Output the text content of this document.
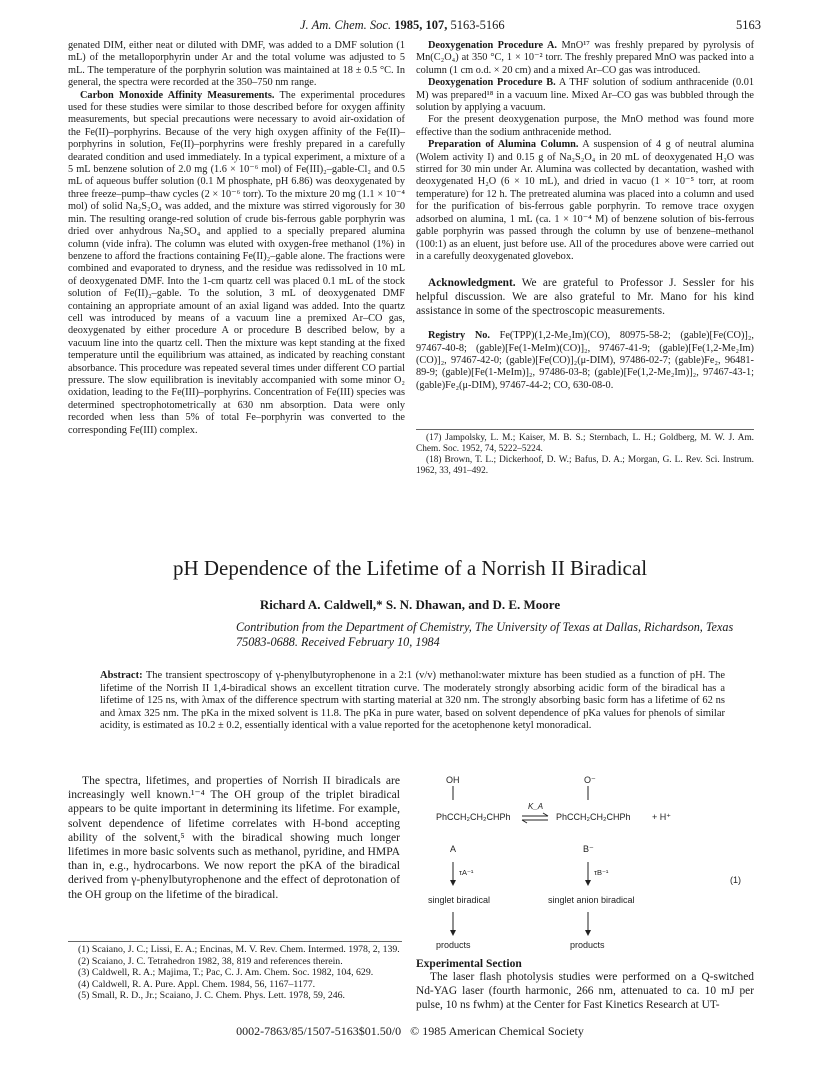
J. Am. Chem. Soc. 1985, 107, 5163-5166	5163

genated DIM, either neat or diluted with DMF, was added to a DMF solution (1 mL) of the metalloporphyrin under Ar and the total volume was adjusted to 5 mL. The temperature of the porphyrin solution was maintained at 18 ± 0.5 °C. In general, the spectra were recorded at the 350–750 nm range.

Carbon Monoxide Affinity Measurements. The experimental procedures used for these studies were similar to those described before for oxygen affinity measurements, but special precautions were necessary to avoid air-oxidation of the Fe(II)–porphyrins. Because of the very high oxygen affinity of the Fe(II)–porphyrins in solution, Fe(II)–porphyrins were freshly prepared in a carefully dearated condition and used immediately. In a typical experiment, a mixture of a 5 mL benzene solution of 2.0 mg (1.6 × 10⁻⁶ mol) of Fe(III)₂–gable-Cl₂ and 0.5 mL of aqueous buffer solution (0.1 M phosphate, pH 6.86) was deoxygenated by three freeze–pump–thaw cycles (2 × 10⁻⁶ torr). To the mixture 20 mg (1.1 × 10⁻⁴ mol) of solid Na₂S₂O₄ was added, and the mixture was stirred vigorously for 30 min. The resulting orange-red solution of crude bis-ferrous gable porphyrin was dried over anhydrous Na₂SO₄ and applied to a specially prepared alumina column (vide infra). The column was eluted with oxygen-free methanol (1%) in benzene to afford the fractions containing Fe(II)₂–gable alone. The fractions were combined and evaporated to dryness, and the residue was redissolved in 10 mL of deoxygenated DMF. Into the 1-cm quartz cell was placed 0.1 mL of the stock solution of Fe(II)₂–gable. To the solution, 3 mL of deoxygenated DMF containing an appropriate amount of an axial ligand was added. Into the quartz cell was introduced by means of a vacuum line a premixed Ar–CO gas, deoxygenated by either procedure A or procedure B described below, by a vacuum line into the quartz cell. Then the mixture was kept standing at the fixed temperature until the equilibrium was attained, as indicated by reaching constant absorbance. This procedure was repeated several times under different CO partial pressure. The slow equilibration is inevitably accompanied with some minor O₂ oxidation, leading to the Fe(III)–porphyrins. Concentration of Fe(III) species was determined spectrophotometrically at 630 nm absorption. Data were only recorded when less than 5% of total Fe–porphyrin was converted to the corresponding Fe(III) complex.

Deoxygenation Procedure A. MnO¹⁷ was freshly prepared by pyrolysis of Mn(C₂O₄) at 350 °C, 1 × 10⁻² torr. The freshly prepared MnO was packed into a column (1 cm o.d. × 20 cm) and a mixed Ar–CO gas was introduced.

Deoxygenation Procedure B. A THF solution of sodium anthracenide (0.01 M) was prepared¹⁸ in a vacuum line. Mixed Ar–CO gas was bubbled through the solution by applying a vacuum.

For the present deoxygenation purpose, the MnO method was found more effective than the sodium anthracenide method.

Preparation of Alumina Column. A suspension of 4 g of neutral alumina (Wolem activity I) and 0.15 g of Na₂S₂O₄ in 20 mL of deoxygenated H₂O was stirred for 30 min under Ar. Alumina was collected by decantation, washed with deoxygenated H₂O (6 × 10 mL), and dried in vacuo (1 × 10⁻⁵ torr, at room temperature) for 12 h. The pretreated alumina was placed into a column and used for the purification of bis-ferrous gable porphyrin. To remove trace oxygen adsorbed on alumina, 1 mL (ca. 1 × 10⁻⁴ M) of benzene solution of bis-ferrous gable porphyrin was passed through the column by use of benzene–methanol (100:1) as an eluent, just before use. All of the procedures above were carried out in a carefully deoxygenated glovebox.

Acknowledgment. We are grateful to Professor J. Sessler for his helpful discussion. We are also grateful to Mr. Mano for his kind assistance in some of the spectroscopic measurements.

Registry No. Fe(TPP)(1,2-Me₂Im)(CO), 80975-58-2; (gable)[Fe(CO)]₂, 97467-40-8; (gable)[Fe(1-MeIm)(CO)]₂, 97467-41-9; (gable)[Fe(1,2-Me₂Im)(CO)]₂, 97467-42-0; (gable)[Fe(CO)]₂(μ-DIM), 97486-02-7; (gable)Fe₂, 96481-89-9; (gable)[Fe(1-MeIm)]₂, 97486-03-8; (gable)[Fe(1,2-Me₂Im)]₂, 97467-43-1; (gable)Fe₂(μ-DIM), 97467-44-2; CO, 630-08-0.

(17) Jampolsky, L. M.; Kaiser, M. B. S.; Sternbach, L. H.; Goldberg, M. W. J. Am. Chem. Soc. 1952, 74, 5222–5224.

(18) Brown, T. L.; Dickerhoof, D. W.; Bafus, D. A.; Morgan, G. L. Rev. Sci. Instrum. 1962, 33, 491–492.

pH Dependence of the Lifetime of a Norrish II Biradical
Richard A. Caldwell,* S. N. Dhawan, and D. E. Moore
Contribution from the Department of Chemistry, The University of Texas at Dallas, Richardson, Texas 75083-0688. Received February 10, 1984
Abstract: The transient spectroscopy of γ-phenylbutyrophenone in a 2:1 (v/v) methanol:water mixture has been studied as a function of pH. The lifetime of the Norrish II 1,4-biradical shows an excellent titration curve. The moderately strongly absorbing acidic form of the biradical has a lifetime of 125 ns, with λmax of the difference spectrum with starting material at 320 nm. The strongly absorbing basic form has a lifetime of 62 ns and λmax 325 nm. The pKa in the mixed solvent is 11.8. The pKa in pure water, based on solvent dependence of pKa values for phenols of similar acidity, is estimated as 10.2 ± 0.2, essentially identical with a value reported for the acetophenone ketyl monoradical.

The spectra, lifetimes, and properties of Norrish II biradicals are increasingly well known.¹⁻⁴ The OH group of the triplet biradical appears to be quite important in determining its lifetime. For example, solvent dependence of lifetime correlates with H-bond accepting ability of the solvent,⁵ with the biradical showing much longer lifetimes in more basic solvents such as methanol, pyridine, and HMPA than in, e.g., hydrocarbons. We now report the pKA of the biradical derived from γ-phenylbutyrophenone and the effect of deprotonation of the OH group on the lifetime of the biradical.

(1) Scaiano, J. C.; Lissi, E. A.; Encinas, M. V. Rev. Chem. Intermed. 1978, 2, 139.

(2) Scaiano, J. C. Tetrahedron 1982, 38, 819 and references therein.

(3) Caldwell, R. A.; Majima, T.; Pac, C. J. Am. Chem. Soc. 1982, 104, 629.

(4) Caldwell, R. A. Pure. Appl. Chem. 1984, 56, 1167–1177.

(5) Small, R. D., Jr.; Scaiano, J. C. Chem. Phys. Lett. 1978, 59, 246.

OH	O⁻
PhCCH₂CH₂CHPh
K_A
PhCCH₂CH₂CHPh + H⁺
A	B⁻
τA⁻¹	τB⁻¹
(1)
singlet biradical	singlet anion biradical
products	products
Experimental Section
The laser flash photolysis studies were performed on a Q-switched Nd-YAG laser (fourth harmonic, 266 nm, attenuated to ca. 10 mJ per pulse, 10 ns fwhm) at the Center for Fast Kinetics Research at UT-
0002-7863/85/1507-5163$01.50/0 © 1985 American Chemical Society
